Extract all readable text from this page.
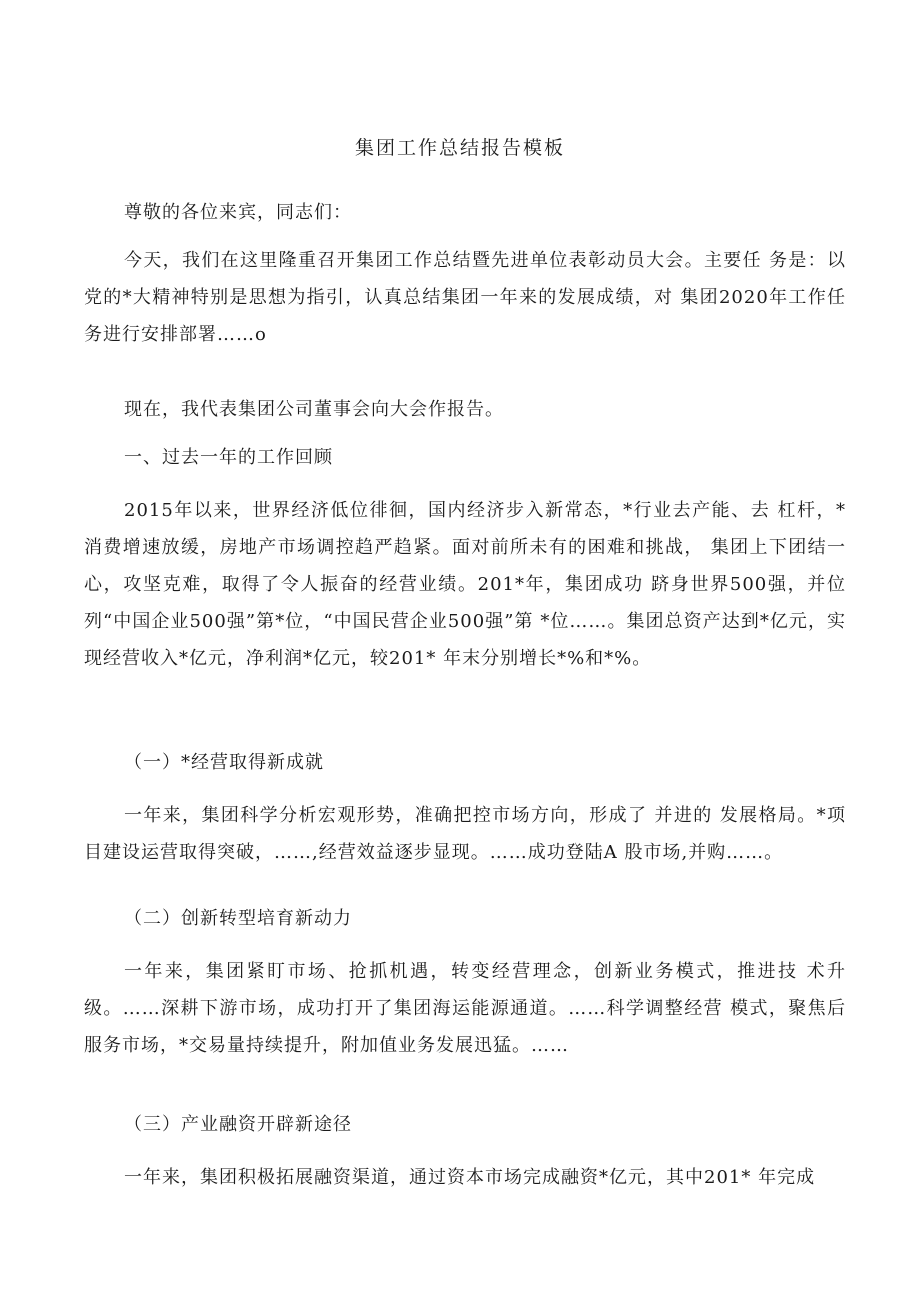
集团工作总结报告模板
尊敬的各位来宾，同志们：
今天，我们在这里隆重召开集团工作总结暨先进单位表彰动员大会。主要任 务是：以党的*大精神特别是思想为指引，认真总结集团一年来的发展成绩，对 集团2020年工作任务进行安排部署……o
现在，我代表集团公司董事会向大会作报告。
一、过去一年的工作回顾
2015年以来，世界经济低位徘徊，国内经济步入新常态，*行业去产能、去 杠杆，*消费增速放缓，房地产市场调控趋严趋紧。面对前所未有的困难和挑战， 集团上下团结一心，攻坚克难，取得了令人振奋的经营业绩。201*年，集团成功 跻身世界500强，并位列“中国企业500强”第*位，“中国民营企业500强”第 *位……。集团总资产达到*亿元，实现经营收入*亿元，净利润*亿元，较201* 年末分别增长*%和*%。
（一）*经营取得新成就
一年来，集团科学分析宏观形势，准确把控市场方向，形成了 并进的 发展格局。*项目建设运营取得突破，……,经营效益逐步显现。……成功登陆A 股市场,并购……。
（二）创新转型培育新动力
一年来，集团紧盯市场、抢抓机遇，转变经营理念，创新业务模式，推进技 术升级。……深耕下游市场，成功打开了集团海运能源通道。……科学调整经营 模式，聚焦后服务市场，*交易量持续提升，附加值业务发展迅猛。……
（三）产业融资开辟新途径
一年来，集团积极拓展融资渠道，通过资本市场完成融资*亿元，其中201* 年完成
